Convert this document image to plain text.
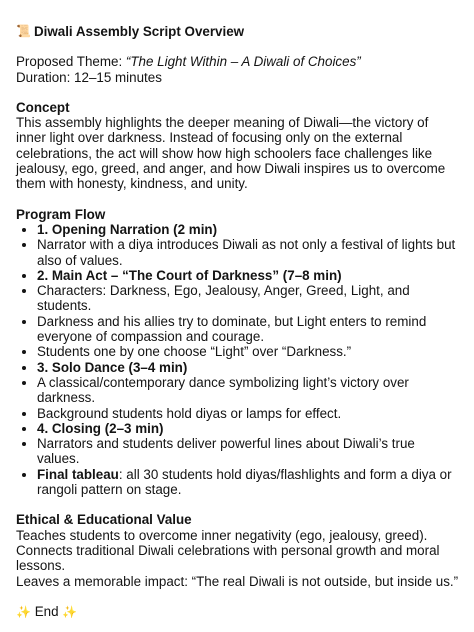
📜 Diwali Assembly Script Overview

Proposed Theme: “The Light Within – A Diwali of Choices”

Duration: 12–15 minutes

Concept

This assembly highlights the deeper meaning of Diwali—the victory of inner light over darkness. Instead of focusing only on the external celebrations, the act will show how high schoolers face challenges like jealousy, ego, greed, and anger, and how Diwali inspires us to overcome them with honesty, kindness, and unity.

Program Flow

• 1. Opening Narration (2 min)
• Narrator with a diya introduces Diwali as not only a festival of lights but also of values.
• 2. Main Act – “The Court of Darkness” (7–8 min)
• Characters: Darkness, Ego, Jealousy, Anger, Greed, Light, and students.
• Darkness and his allies try to dominate, but Light enters to remind everyone of compassion and courage.
• Students one by one choose “Light” over “Darkness.”
• 3. Solo Dance (3–4 min)
• A classical/contemporary dance symbolizing light’s victory over darkness.
• Background students hold diyas or lamps for effect.
• 4. Closing (2–3 min)
• Narrators and students deliver powerful lines about Diwali’s true values.
• Final tableau: all 30 students hold diyas/flashlights and form a diya or rangoli pattern on stage.

Ethical & Educational Value

Teaches students to overcome inner negativity (ego, jealousy, greed).

Connects traditional Diwali celebrations with personal growth and moral lessons.

Leaves a memorable impact: “The real Diwali is not outside, but inside us.”

✨ End ✨
